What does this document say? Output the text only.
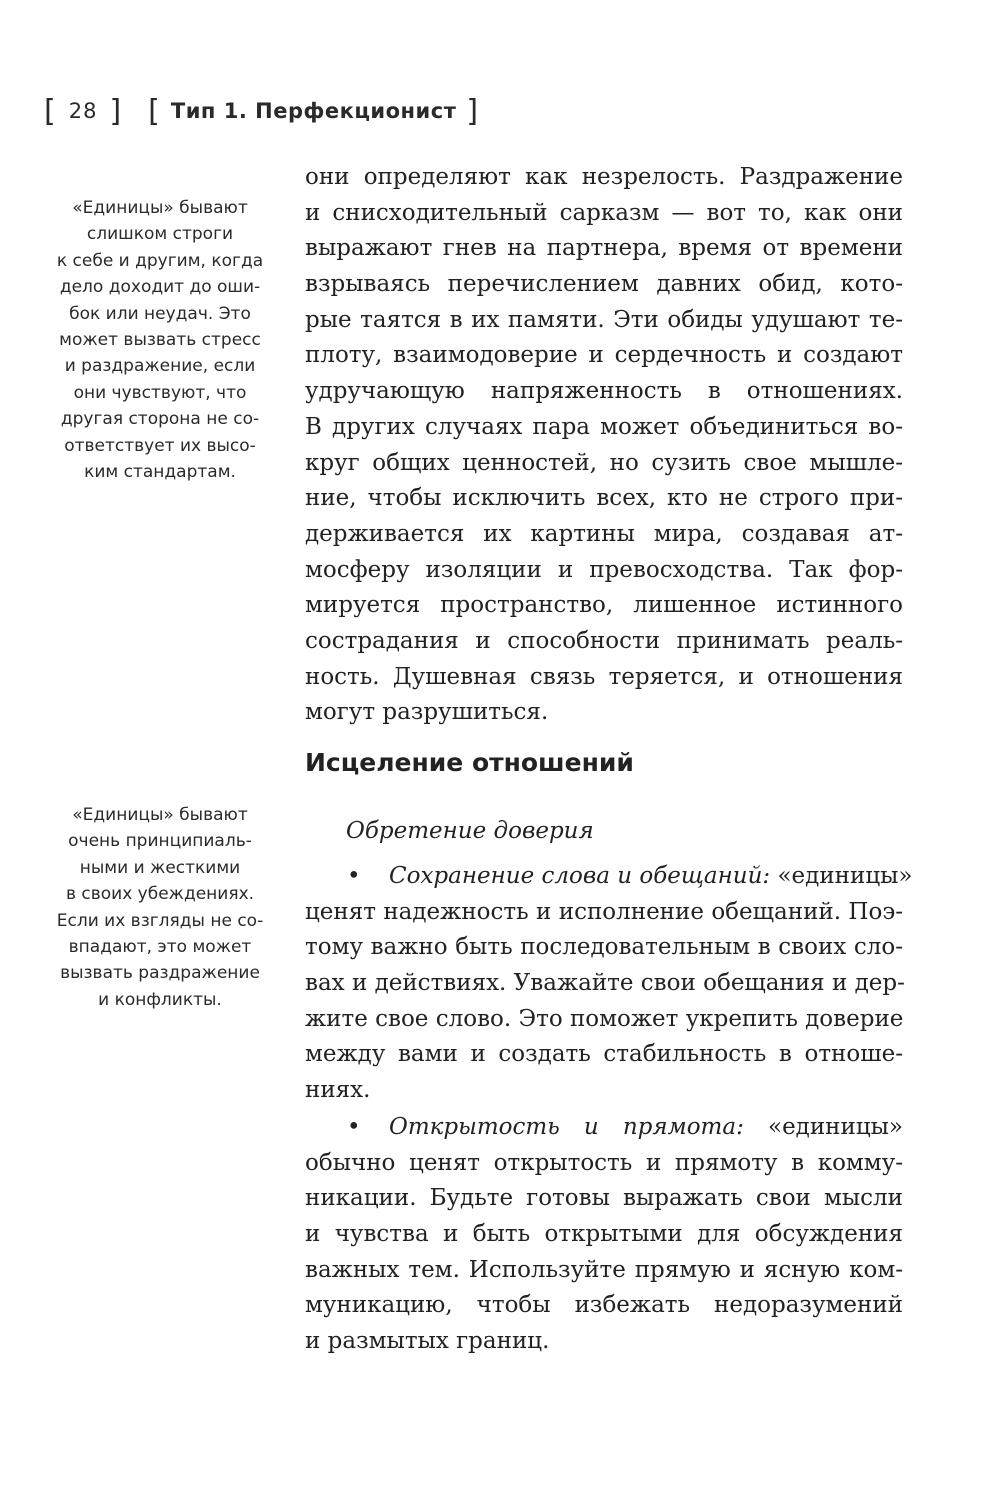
[ 28 ] [ Тип 1. Перфекционист ]
«Единицы» бывают
слишком строги
к себе и другим, когда
дело доходит до оши-
бок или неудач. Это
может вызвать стресс
и раздражение, если
они чувствуют, что
другая сторона не со-
ответствует их высо-
ким стандартам.
«Единицы» бывают
очень принципиаль-
ными и жесткими
в своих убеждениях.
Если их взгляды не со-
впадают, это может
вызвать раздражение
и конфликты.
они определяют как незрелость. Раздражение
и снисходительный сарказм — вот то, как они
выражают гнев на партнера, время от времени
взрываясь перечислением давних обид, кото-
рые таятся в их памяти. Эти обиды удушают те-
плоту, взаимодоверие и сердечность и создают
удручающую напряженность в отношениях.
В других случаях пара может объединиться во-
круг общих ценностей, но сузить свое мышле-
ние, чтобы исключить всех, кто не строго при-
держивается их картины мира, создавая ат-
мосферу изоляции и превосходства. Так фор-
мируется пространство, лишенное истинного
сострадания и способности принимать реаль-
ность. Душевная связь теряется, и отношения
могут разрушиться.
Исцеление отношений
Обретение доверия
• Сохранение слова и обещаний: «единицы»
ценят надежность и исполнение обещаний. Поэ-
тому важно быть последовательным в своих сло-
вах и действиях. Уважайте свои обещания и дер-
жите свое слово. Это поможет укрепить доверие
между вами и создать стабильность в отноше-
ниях.
• Открытость и прямота: «единицы»
обычно ценят открытость и прямоту в комму-
никации. Будьте готовы выражать свои мысли
и чувства и быть открытыми для обсуждения
важных тем. Используйте прямую и ясную ком-
муникацию, чтобы избежать недоразумений
и размытых границ.
